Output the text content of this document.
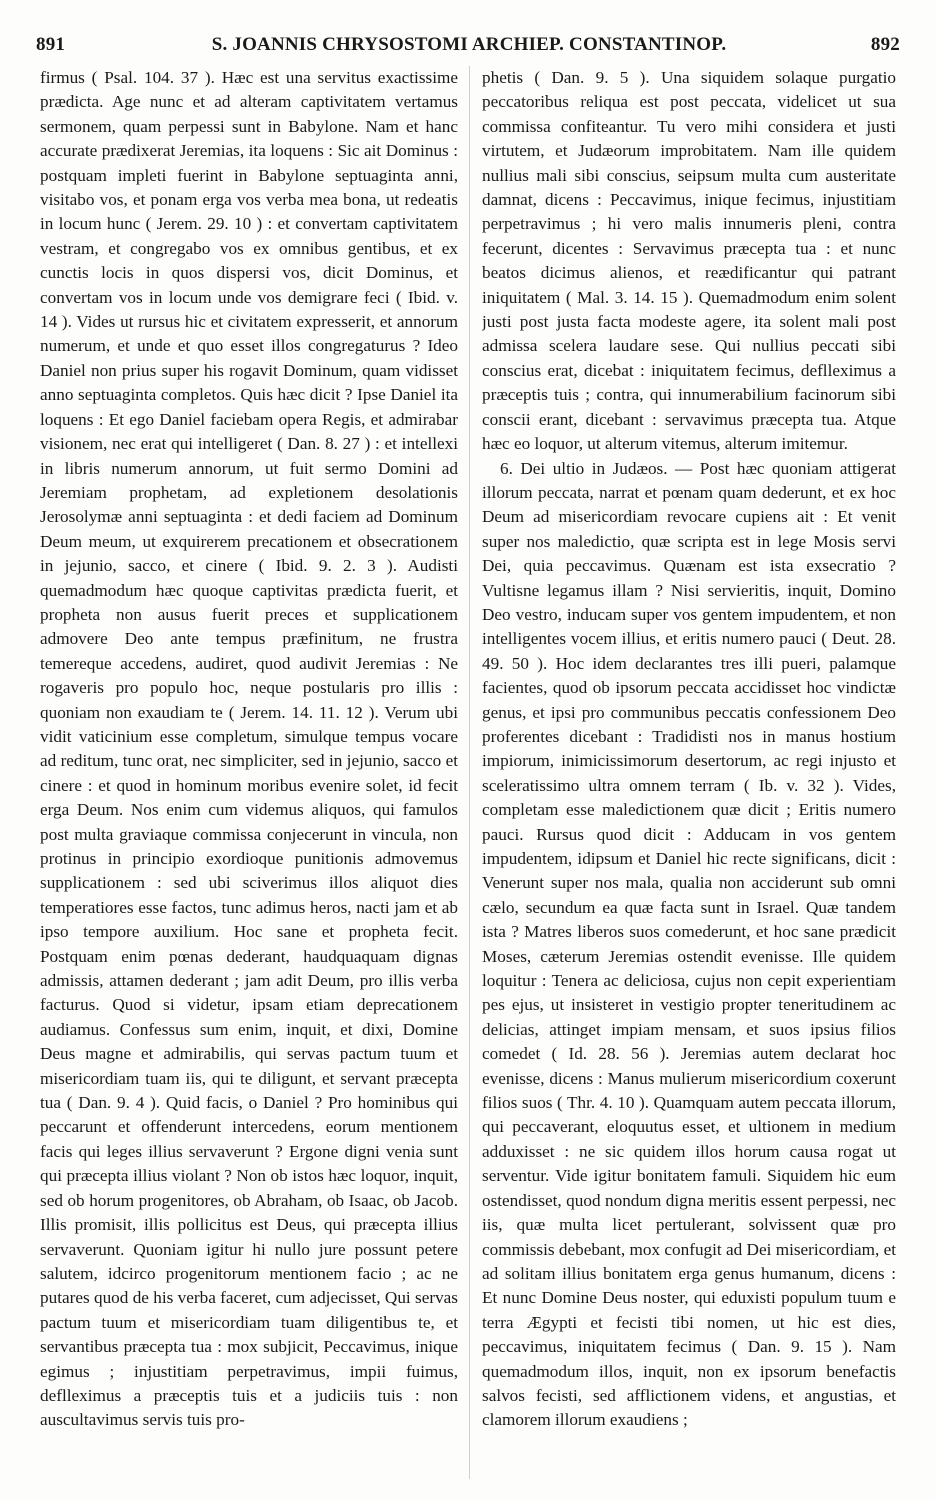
891	S. JOANNIS CHRYSOSTOMI ARCHIEP. CONSTANTINOP.	892

firmus ( Psal. 104. 37 ). Hæc est una servitus exactissime prædicta. Age nunc et ad alteram captivitatem vertamus sermonem, quam perpessi sunt in Babylone. Nam et hanc accurate prædixerat Jeremias, ita loquens : Sic ait Dominus : postquam impleti fuerint in Babylone septuaginta anni, visitabo vos, et ponam erga vos verba mea bona, ut redeatis in locum hunc ( Jerem. 29. 10 ) : et convertam captivitatem vestram, et congregabo vos ex omnibus gentibus, et ex cunctis locis in quos dispersi vos, dicit Dominus, et convertam vos in locum unde vos demigrare feci ( Ibid. v. 14 ). Vides ut rursus hic et civitatem expresserit, et annorum numerum, et unde et quo esset illos congregaturus ? Ideo Daniel non prius super his rogavit Dominum, quam vidisset anno septuaginta completos. Quis hæc dicit ? Ipse Daniel ita loquens : Et ego Daniel faciebam opera Regis, et admirabar visionem, nec erat qui intelligeret ( Dan. 8. 27 ) : et intellexi in libris numerum annorum, ut fuit sermo Domini ad Jeremiam prophetam, ad expletionem desolationis Jerosolymæ anni septuaginta : et dedi faciem ad Dominum Deum meum, ut exquirerem precationem et obsecrationem in jejunio, sacco, et cinere ( Ibid. 9. 2. 3 ). Audisti quemadmodum hæc quoque captivitas prædicta fuerit, et propheta non ausus fuerit preces et supplicationem admovere Deo ante tempus præfinitum, ne frustra temereque accedens, audiret, quod audivit Jeremias : Ne rogaveris pro populo hoc, neque postularis pro illis : quoniam non exaudiam te ( Jerem. 14. 11. 12 ). Verum ubi vidit vaticinium esse completum, simulque tempus vocare ad reditum, tunc orat, nec simpliciter, sed in jejunio, sacco et cinere : et quod in hominum moribus evenire solet, id fecit erga Deum. Nos enim cum videmus aliquos, qui famulos post multa graviaque commissa conjecerunt in vincula, non protinus in principio exordioque punitionis admovemus supplicationem : sed ubi sciverimus illos aliquot dies temperatiores esse factos, tunc adimus heros, nacti jam et ab ipso tempore auxilium. Hoc sane et propheta fecit. Postquam enim pœnas dederant, haudquaquam dignas admissis, attamen dederant ; jam adit Deum, pro illis verba facturus. Quod si videtur, ipsam etiam deprecationem audiamus. Confessus sum enim, inquit, et dixi, Domine Deus magne et admirabilis, qui servas pactum tuum et misericordiam tuam iis, qui te diligunt, et servant præcepta tua ( Dan. 9. 4 ). Quid facis, o Daniel ? Pro hominibus qui peccarunt et offenderunt intercedens, eorum mentionem facis qui leges illius servaverunt ? Ergone digni venia sunt qui præcepta illius violant ? Non ob istos hæc loquor, inquit, sed ob horum progenitores, ob Abraham, ob Isaac, ob Jacob. Illis promisit, illis pollicitus est Deus, qui præcepta illius servaverunt. Quoniam igitur hi nullo jure possunt petere salutem, idcirco progenitorum mentionem facio ; ac ne putares quod de his verba faceret, cum adjecisset, Qui servas pactum tuum et misericordiam tuam diligentibus te, et servantibus præcepta tua : mox subjicit, Peccavimus, inique egimus ; injustitiam perpetravimus, impii fuimus, deflleximus a præceptis tuis et a judiciis tuis : non auscultavimus servis tuis pro-

phetis ( Dan. 9. 5 ). Una siquidem solaque purgatio peccatoribus reliqua est post peccata, videlicet ut sua commissa confiteantur. Tu vero mihi considera et justi virtutem, et Judæorum improbitatem. Nam ille quidem nullius mali sibi conscius, seipsum multa cum austeritate damnat, dicens : Peccavimus, inique fecimus, injustitiam perpetravimus ; hi vero malis innumeris pleni, contra fecerunt, dicentes : Servavimus præcepta tua : et nunc beatos dicimus alienos, et reædificantur qui patrant iniquitatem ( Mal. 3. 14. 15 ). Quemadmodum enim solent justi post justa facta modeste agere, ita solent mali post admissa scelera laudare sese. Qui nullius peccati sibi conscius erat, dicebat : iniquitatem fecimus, deflleximus a præceptis tuis ; contra, qui innumerabilium facinorum sibi conscii erant, dicebant : servavimus præcepta tua. Atque hæc eo loquor, ut alterum vitemus, alterum imitemur.

6. Dei ultio in Judæos. — Post hæc quoniam attigerat illorum peccata, narrat et pœnam quam dederunt, et ex hoc Deum ad misericordiam revocare cupiens ait : Et venit super nos maledictio, quæ scripta est in lege Mosis servi Dei, quia peccavimus. Quænam est ista exsecratio ? Vultisne legamus illam ? Nisi servieritis, inquit, Domino Deo vestro, inducam super vos gentem impudentem, et non intelligentes vocem illius, et eritis numero pauci ( Deut. 28. 49. 50 ). Hoc idem declarantes tres illi pueri, palamque facientes, quod ob ipsorum peccata accidisset hoc vindictæ genus, et ipsi pro communibus peccatis confessionem Deo proferentes dicebant : Tradidisti nos in manus hostium impiorum, inimicissimorum desertorum, ac regi injusto et sceleratissimo ultra omnem terram ( Ib. v. 32 ). Vides, completam esse maledictionem quæ dicit ; Eritis numero pauci. Rursus quod dicit : Adducam in vos gentem impudentem, idipsum et Daniel hic recte significans, dicit : Venerunt super nos mala, qualia non acciderunt sub omni cælo, secundum ea quæ facta sunt in Israel. Quæ tandem ista ? Matres liberos suos comederunt, et hoc sane prædicit Moses, cæterum Jeremias ostendit evenisse. Ille quidem loquitur : Tenera ac deliciosa, cujus non cepit experientiam pes ejus, ut insisteret in vestigio propter teneritudinem ac delicias, attinget impiam mensam, et suos ipsius filios comedet ( Id. 28. 56 ). Jeremias autem declarat hoc evenisse, dicens : Manus mulierum misericordium coxerunt filios suos ( Thr. 4. 10 ). Quamquam autem peccata illorum, qui peccaverant, eloquutus esset, et ultionem in medium adduxisset : ne sic quidem illos horum causa rogat ut serventur. Vide igitur bonitatem famuli. Siquidem hic eum ostendisset, quod nondum digna meritis essent perpessi, nec iis, quæ multa licet pertulerant, solvissent quæ pro commissis debebant, mox confugit ad Dei misericordiam, et ad solitam illius bonitatem erga genus humanum, dicens : Et nunc Domine Deus noster, qui eduxisti populum tuum e terra Ægypti et fecisti tibi nomen, ut hic est dies, peccavimus, iniquitatem fecimus ( Dan. 9. 15 ). Nam quemadmodum illos, inquit, non ex ipsorum benefactis salvos fecisti, sed afflictionem videns, et angustias, et clamorem illorum exaudiens ;
